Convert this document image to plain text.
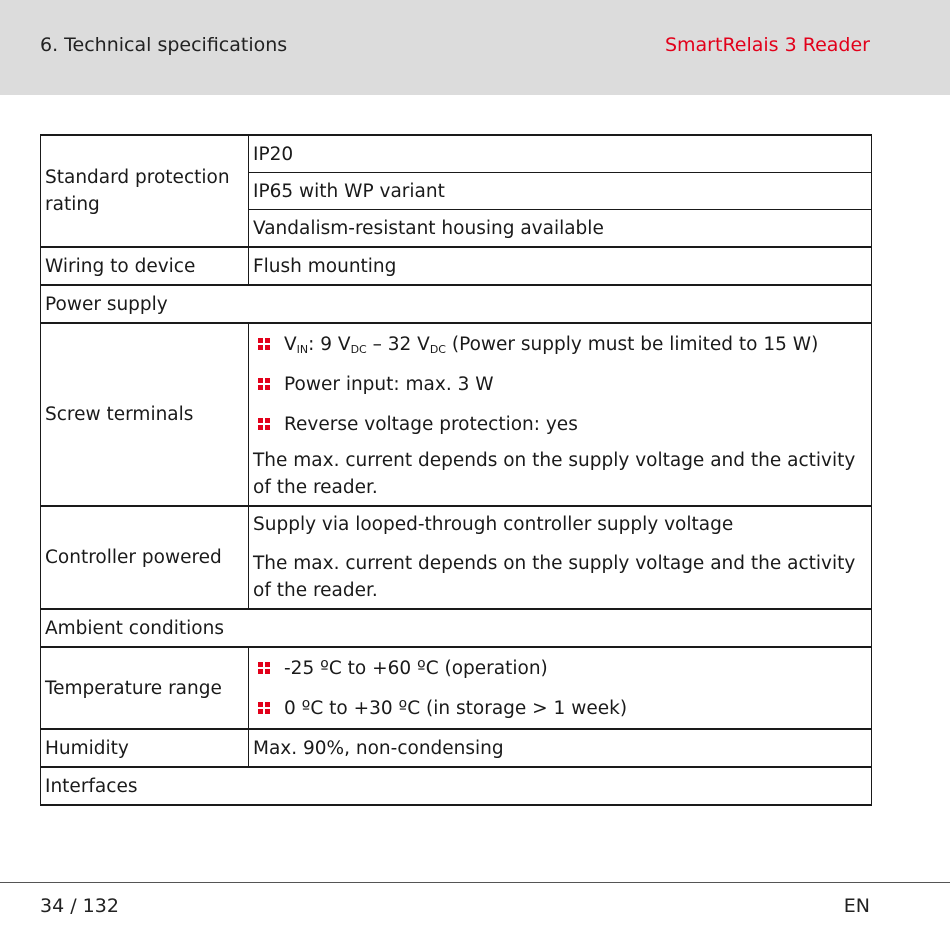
6. Technical specifications	SmartRelais 3 Reader
Standard protection rating	IP20
	IP65 with WP variant
	Vandalism-resistant housing available
Wiring to device	Flush mounting
Power supply	
Screw terminals	$V_{IN}$: 9 $V_{DC} - 32$ $V_{DC}$ (Power supply must be limited to 15 W)
Power input: max. 3 W
Reverse voltage protection: yes
The max. current depends on the supply voltage and the activity of the reader.

Controller powered	Supply via looped-through controller supply voltage
The max. current depends on the supply voltage and the activity of the reader.

Ambient conditions	
Temperature range	-25 ºC to +60 ºC (operation)
0 ºC to +30 ºC (in storage > 1 week)

Humidity	Max. 90%, non-condensing
Interfaces	
34 / 132	EN
